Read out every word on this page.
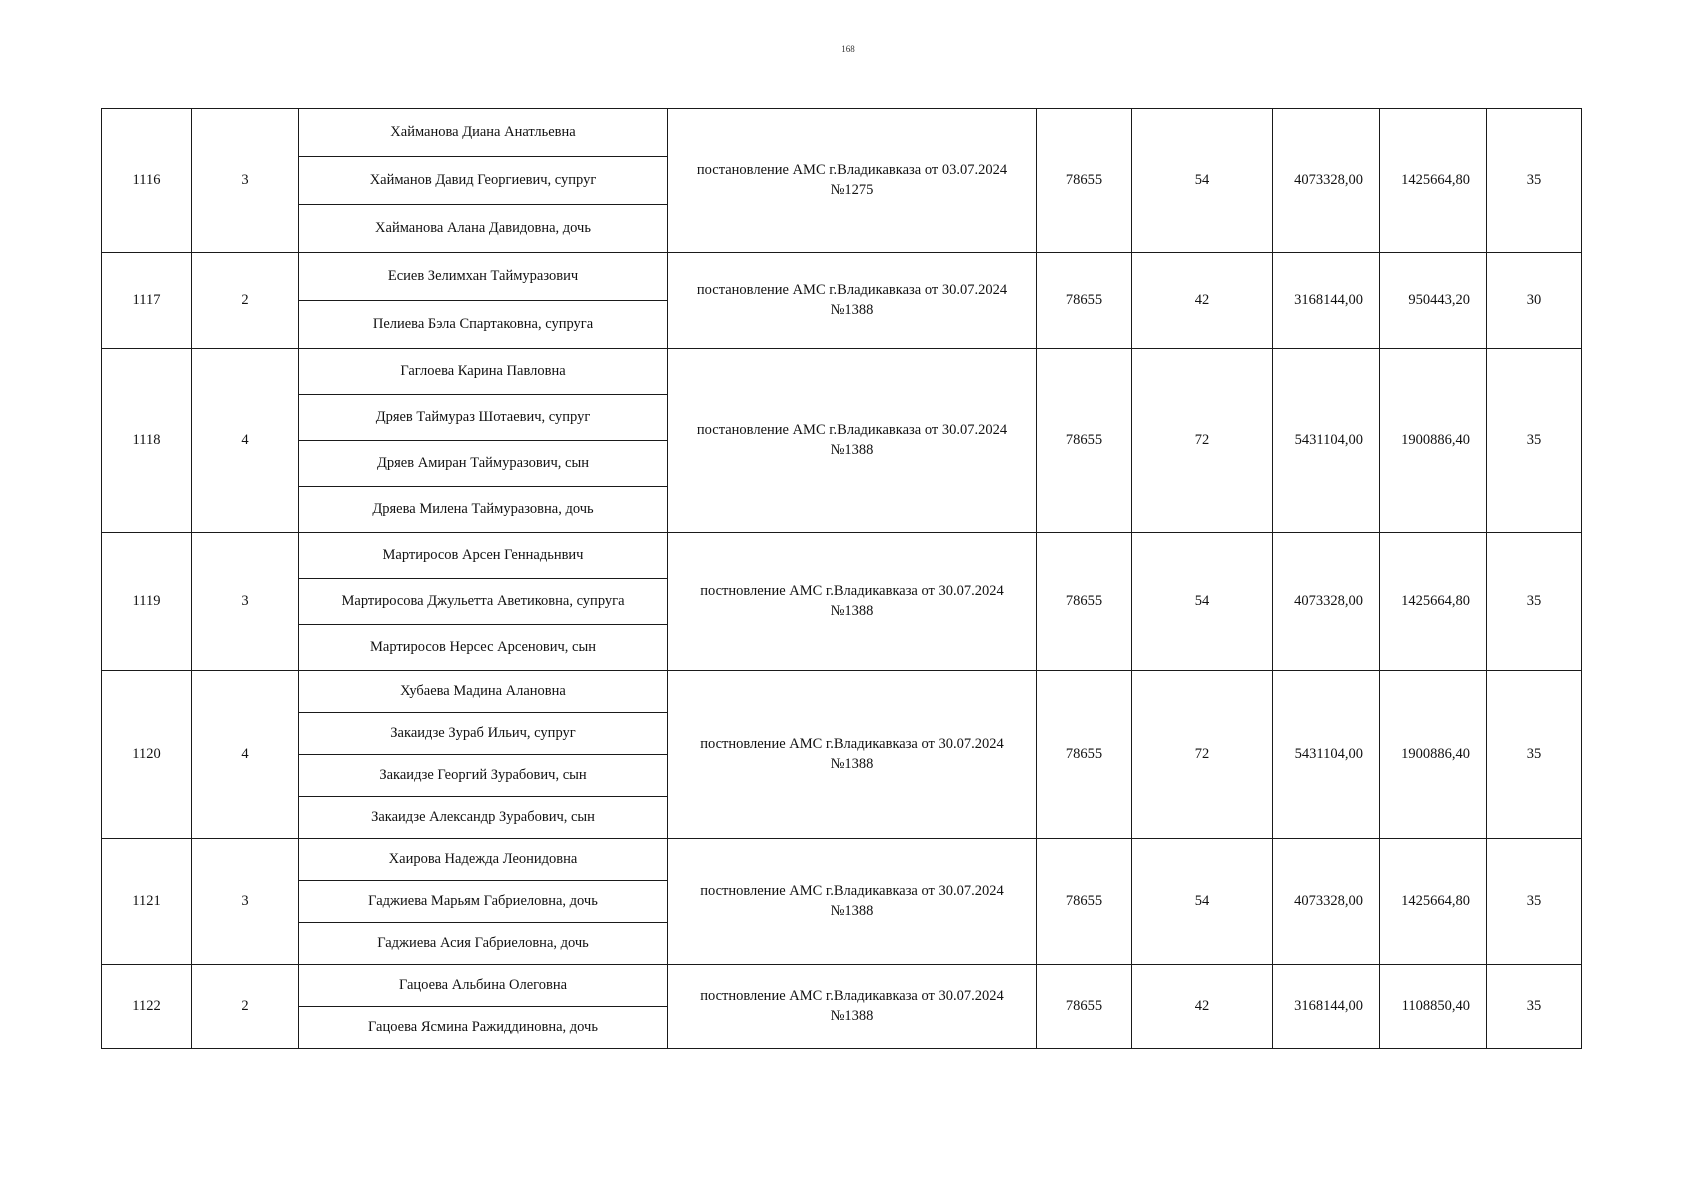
168
1116	3	Хайманова Диана Анатльевна	постановление АМС г.Владикавказа от 03.07.2024 №1275	78655	54	4073328,00	1425664,80	35
		Хайманов Давид Георгиевич, супруг						
		Хайманова Алана Давидовна, дочь						
1117	2	Есиев Зелимхан Таймуразович	постановление АМС г.Владикавказа от 30.07.2024 №1388	78655	42	3168144,00	950443,20	30
		Пелиева Бэла Спартаковна, супруга						
1118	4	Гаглоева Карина Павловна	постановление АМС г.Владикавказа от 30.07.2024 №1388	78655	72	5431104,00	1900886,40	35
		Дряев Таймураз Шотаевич, супруг						
		Дряев Амиран Таймуразович, сын						
		Дряева Милена Таймуразовна, дочь						
1119	3	Мартиросов Арсен Геннадьнвич	постновление АМС г.Владикавказа от 30.07.2024 №1388	78655	54	4073328,00	1425664,80	35
		Мартиросова Джульетта Аветиковна, супруга						
		Мартиросов Нерсес Арсенович, сын						
1120	4	Хубаева Мадина Алановна	постновление АМС г.Владикавказа от 30.07.2024 №1388	78655	72	5431104,00	1900886,40	35
		Закаидзе Зураб Ильич, супруг						
		Закаидзе Георгий Зурабович, сын						
		Закаидзе Александр Зурабович, сын						
1121	3	Хаирова Надежда Леонидовна	постновление АМС г.Владикавказа от 30.07.2024 №1388	78655	54	4073328,00	1425664,80	35
		Гаджиева Марьям Габриеловна, дочь						
		Гаджиева Асия Габриеловна, дочь						
1122	2	Гацоева Альбина Олеговна	постновление АМС г.Владикавказа от 30.07.2024 №1388	78655	42	3168144,00	1108850,40	35
		Гацоева Ясмина Ражиддиновна, дочь						
